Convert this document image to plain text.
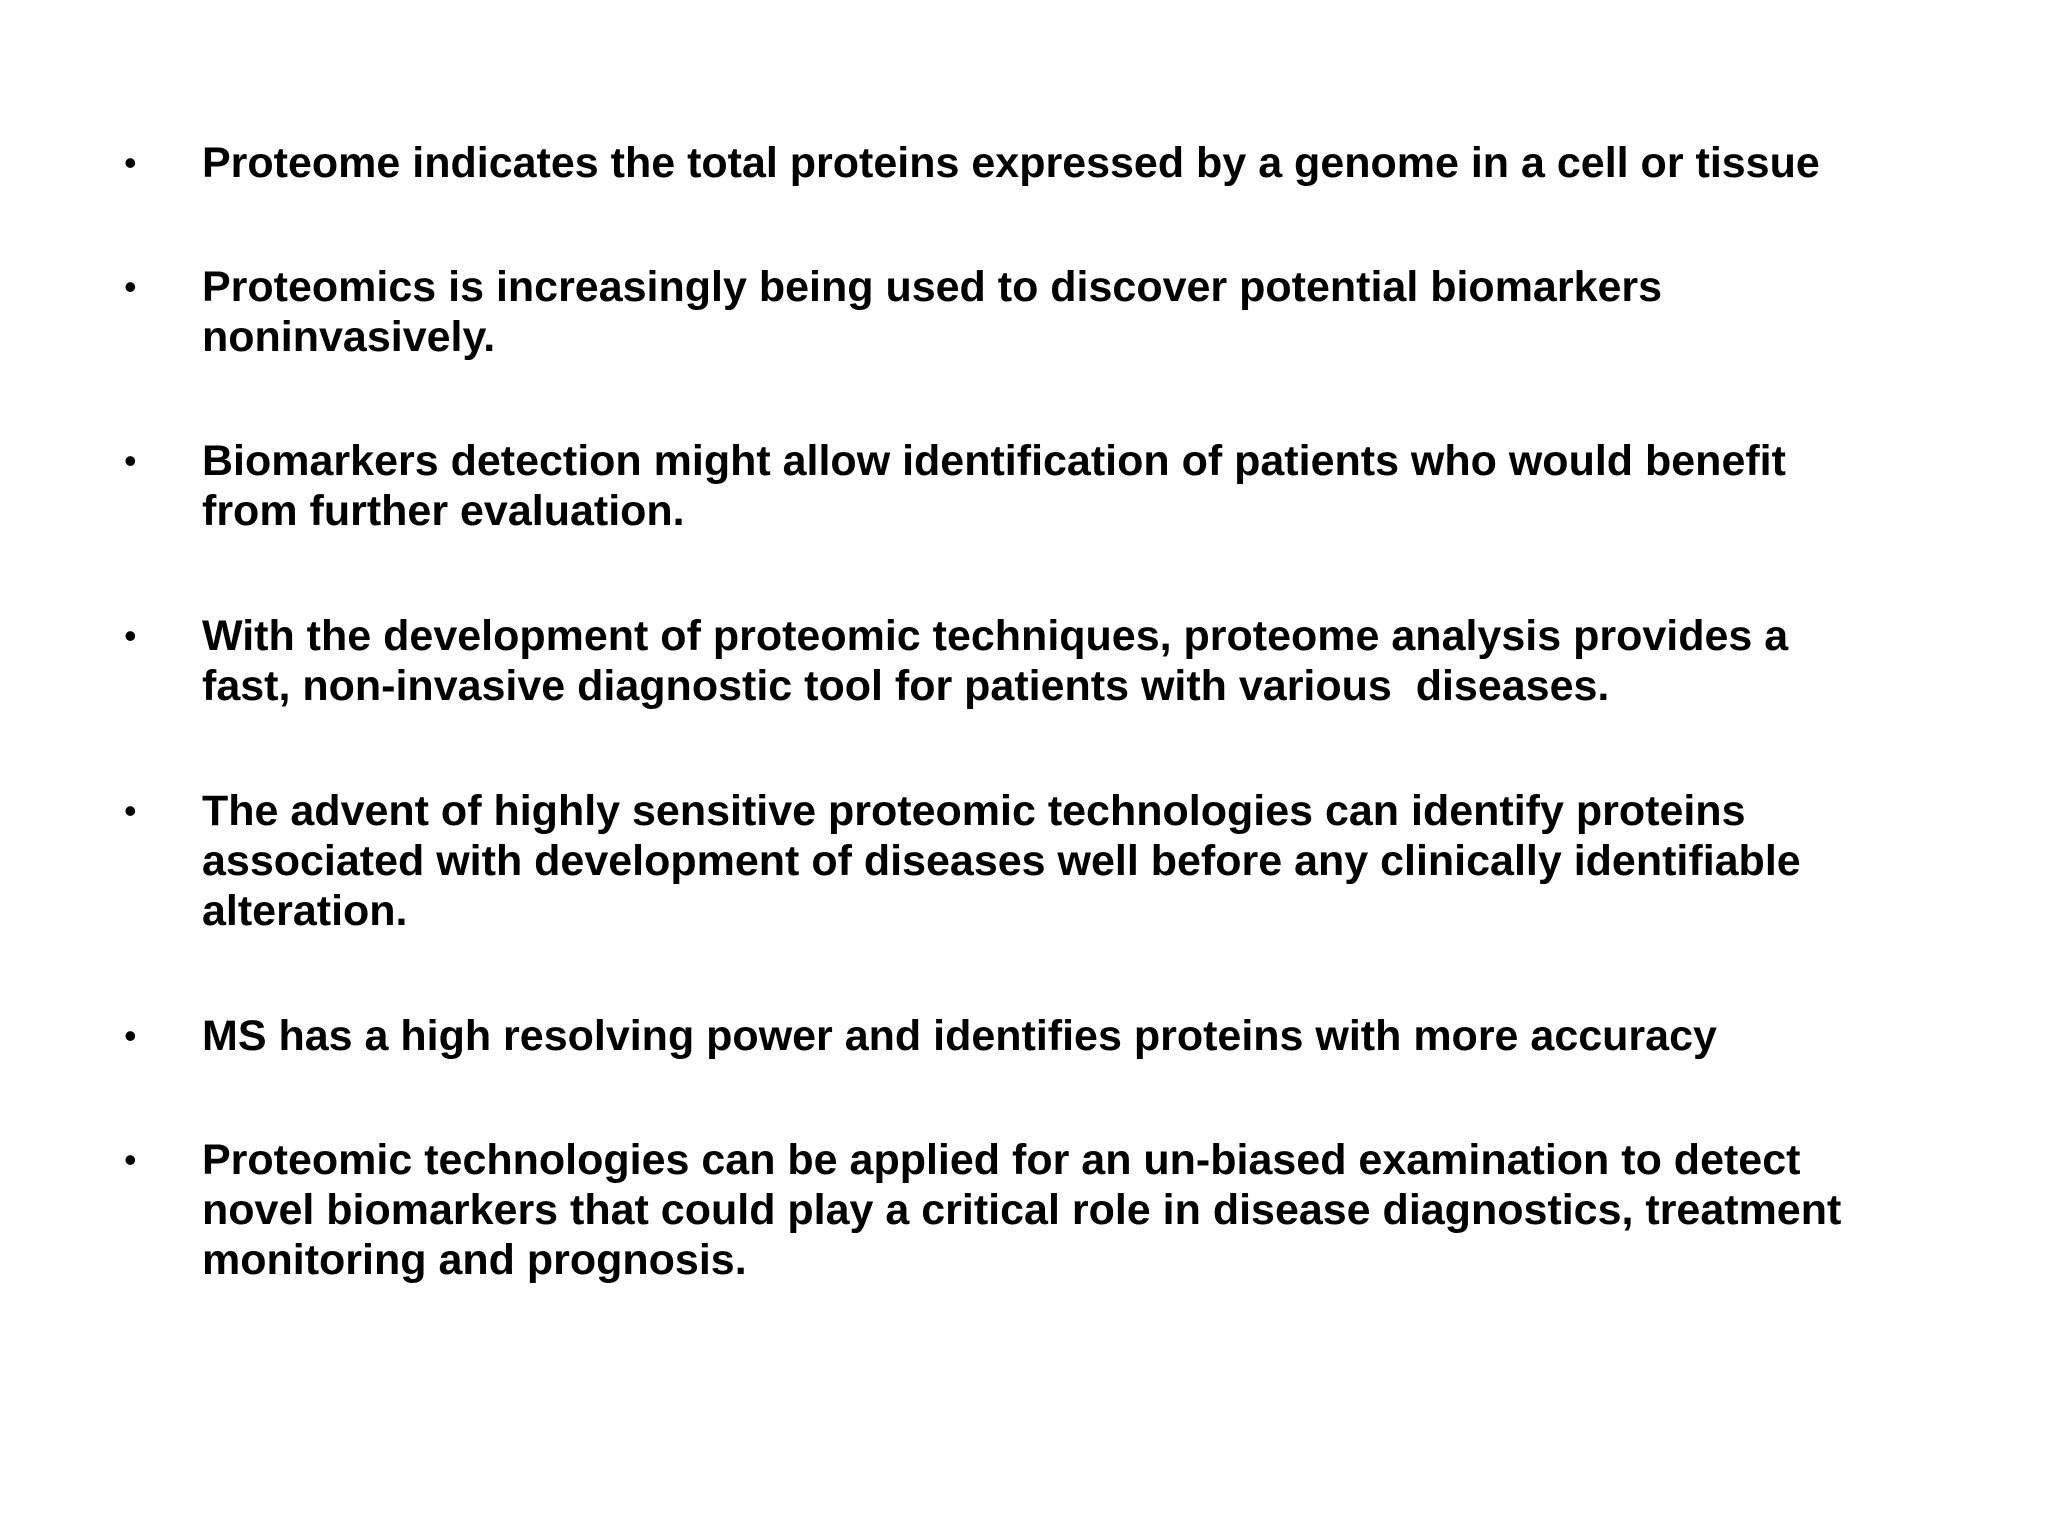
• Proteome indicates the total proteins expressed by a genome in a cell or tissue
• Proteomics is increasingly being used to discover potential biomarkers
noninvasively.
• Biomarkers detection might allow identification of patients who would benefit
from further evaluation.
• With the development of proteomic techniques, proteome analysis provides a
fast, non-invasive diagnostic tool for patients with various  diseases.
• The advent of highly sensitive proteomic technologies can identify proteins
associated with development of diseases well before any clinically identifiable
alteration.
• MS has a high resolving power and identifies proteins with more accuracy
• Proteomic technologies can be applied for an un-biased examination to detect
novel biomarkers that could play a critical role in disease diagnostics, treatment
monitoring and prognosis.
